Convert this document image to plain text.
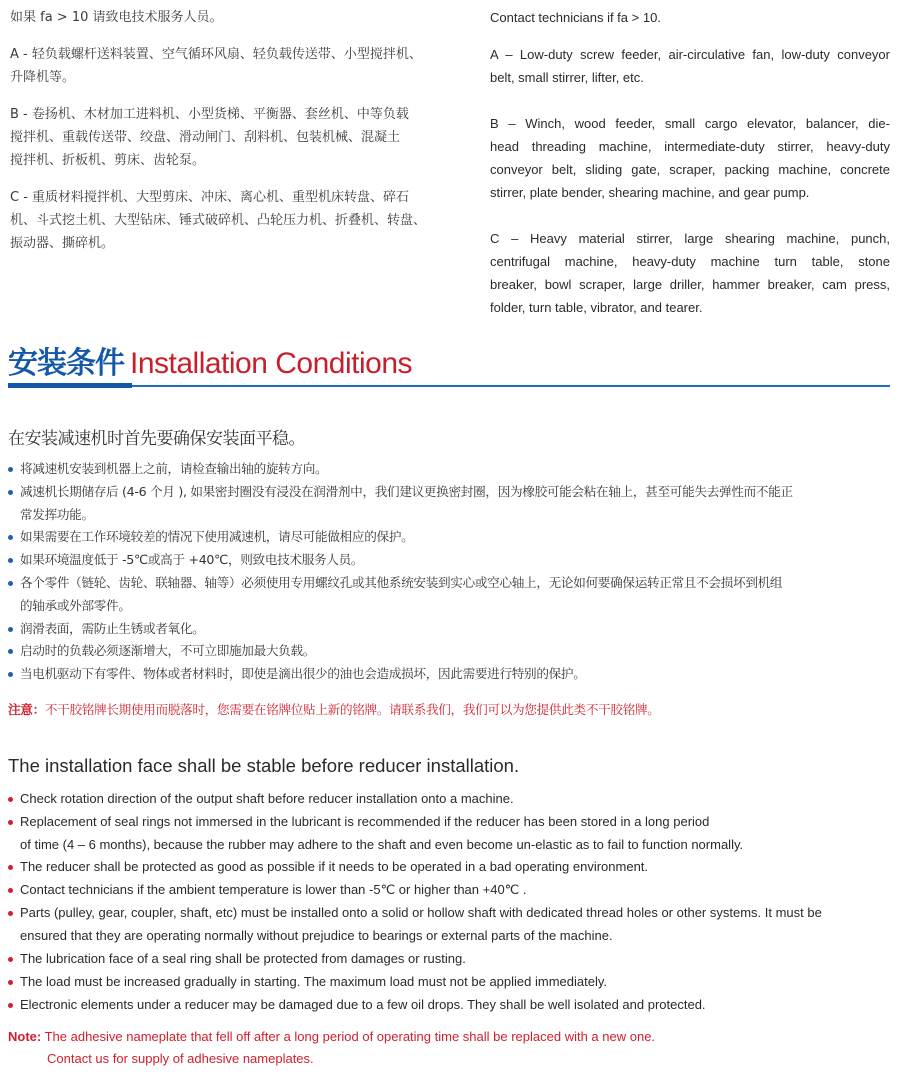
如果 fa > 10 请致电技术服务人员。
A - 轻负载螺杆送料装置、空气循环风扇、轻负载传送带、小型搅拌机、
升降机等。
B - 卷扬机、木材加工进料机、小型货梯、平衡器、套丝机、中等负载
搅拌机、重载传送带、绞盘、滑动闸门、刮料机、包装机械、混凝土
搅拌机、折板机、剪床、齿轮泵。
C - 重质材料搅拌机、大型剪床、冲床、离心机、重型机床转盘、碎石
机、斗式挖土机、大型钻床、锤式破碎机、凸轮压力机、折叠机、转盘、
振动器、撕碎机。
Contact technicians if fa > 10.
A – Low-duty screw feeder, air-circulative fan, low-duty conveyor
belt, small stirrer, lifter, etc.
B – Winch, wood feeder, small cargo elevator, balancer, die-
head threading machine, intermediate-duty stirrer, heavy-duty
conveyor belt, sliding gate, scraper, packing machine, concrete
stirrer, plate bender, shearing machine, and gear pump.
C – Heavy material stirrer, large shearing machine, punch,
centrifugal machine, heavy-duty machine turn table, stone
breaker, bowl scraper, large driller, hammer breaker, cam press,
folder, turn table, vibrator, and tearer.
安装条件 Installation Conditions
在安装减速机时首先要确保安装面平稳。
将减速机安装到机器上之前，请检查输出轴的旋转方向。
减速机长期储存后 (4-6 个月 ), 如果密封圈没有浸没在润滑剂中，我们建议更换密封圈，因为橡胶可能会粘在轴上，甚至可能失去弹性而不能正
常发挥功能。
如果需要在工作环境较差的情况下使用减速机，请尽可能做相应的保护。
如果环境温度低于 -5℃或高于 +40℃，则致电技术服务人员。
各个零件（链轮、齿轮、联轴器、轴等）必须使用专用螺纹孔或其他系统安装到实心或空心轴上，无论如何要确保运转正常且不会损坏到机组
的轴承或外部零件。
润滑表面，需防止生锈或者氧化。
启动时的负载必须逐渐增大，不可立即施加最大负载。
当电机驱动下有零件、物体或者材料时，即使是滴出很少的油也会造成损坏，因此需要进行特别的保护。
注意：不干胶铭牌长期使用而脱落时，您需要在铭牌位贴上新的铭牌。请联系我们，我们可以为您提供此类不干胶铭牌。
The installation face shall be stable before reducer installation.
Check rotation direction of the output shaft before reducer installation onto a machine.
Replacement of seal rings not immersed in the lubricant is recommended if the reducer has been stored in a long period
of time (4 – 6 months), because the rubber may adhere to the shaft and even become un-elastic as to fail to function normally.
The reducer shall be protected as good as possible if it needs to be operated in a bad operating environment.
Contact technicians if the ambient temperature is lower than -5℃ or higher than +40℃ .
Parts (pulley, gear, coupler, shaft, etc) must be installed onto a solid or hollow shaft with dedicated thread holes or other systems. It must be
ensured that they are operating normally without prejudice to bearings or external parts of the machine.
The lubrication face of a seal ring shall be protected from damages or rusting.
The load must be increased gradually in starting. The maximum load must not be applied immediately.
Electronic elements under a reducer may be damaged due to a few oil drops. They shall be well isolated and protected.
Note: The adhesive nameplate that fell off after a long period of operating time shall be replaced with a new one.
Contact us for supply of adhesive nameplates.
